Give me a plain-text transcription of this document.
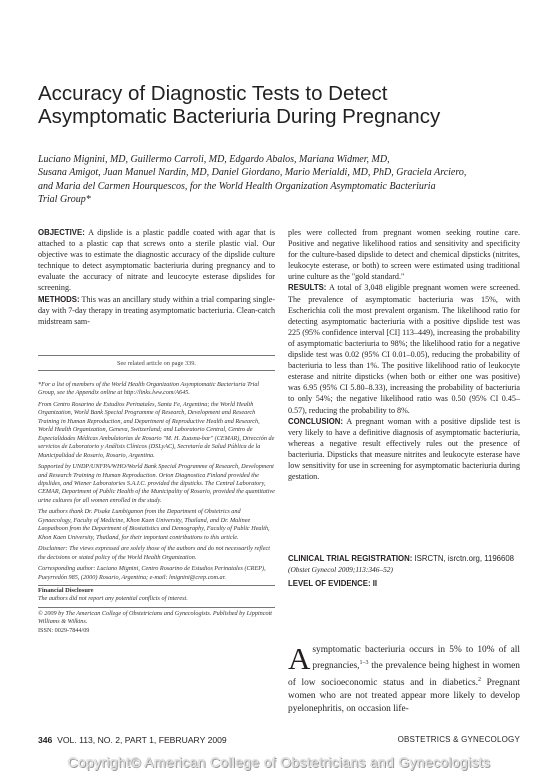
Accuracy of Diagnostic Tests to Detect
Asymptomatic Bacteriuria During Pregnancy
Luciano Mignini, MD, Guillermo Carroli, MD, Edgardo Abalos, Mariana Widmer, MD,
Susana Amigot, Juan Manuel Nardin, MD, Daniel Giordano, Mario Merialdi, MD, PhD, Graciela Arciero,
and Maria del Carmen Hourquescos, for the World Health Organization Asymptomatic Bacteriuria
Trial Group*

OBJECTIVE: A dipslide is a plastic paddle coated with agar that is attached to a plastic cap that screws onto a sterile plastic vial. Our objective was to estimate the diagnostic accuracy of the dipslide culture technique to detect asymptomatic bacteriuria during pregnancy and to evaluate the accuracy of nitrate and leucocyte esterase dipslides for screening.

METHODS: This was an ancillary study within a trial comparing single-day with 7-day therapy in treating asymptomatic bacteriuria. Clean-catch midstream sam-

See related article on page 339.

*For a list of members of the World Health Organization Asymptomatic Bacteriuria Trial Group, see the Appendix online at http://links.lww.com/A645.

From Centro Rosarino de Estudios Perinatales, Santa Fe, Argentina; the World Health Organization, World Bank Special Programme of Research, Development and Research Training in Human Reproduction, and Department of Reproductive Health and Research, World Health Organization, Geneva, Switzerland; and Laboratorio Central, Centro de Especialidades Médicas Ambulatorias de Rosario "M. H. Zuasna-bar" (CEMAR), Dirección de servicios de Laboratorio y Análisis Clínicos (DSLyAC), Secretaría de Salud Pública de la Municipalidad de Rosario, Rosario, Argentina.

Supported by UNDP/UNFPA/WHO/World Bank Special Programme of Research, Development and Research Training in Human Reproduction. Orion Diagnostica Finland provided the dipslides, and Wiener Laboratories S.A.I.C. provided the dipsticks. The Central Laboratory, CEMAR, Department of Public Health of the Municipality of Rosario, provided the quantitative urine cultures for all women enrolled in the study.

The authors thank Dr. Pisake Lumbiganon from the Department of Obstetrics and Gynaecology, Faculty of Medicine, Khon Kaen University, Thailand, and Dr. Malinee Laopaiboon from the Department of Biostatistics and Demography, Faculty of Public Health, Khon Kaen University, Thailand, for their important contributions to this article.

Disclaimer: The views expressed are solely those of the authors and do not necessarily reflect the decisions or stated policy of the World Health Organization.

Corresponding author: Luciano Mignini, Centro Rosarino de Estudios Perinatales (CREP), Pueyrredón 985, (2000) Rosario, Argentina; e-mail: lmignini@crep.com.ar.

Financial Disclosure

The authors did not report any potential conflicts of interest.

© 2009 by The American College of Obstetricians and Gynecologists. Published by Lippincott Williams & Wilkins.

ISSN: 0029-7844/09

ples were collected from pregnant women seeking routine care. Positive and negative likelihood ratios and sensitivity and specificity for the culture-based dipslide to detect and chemical dipsticks (nitrites, leukocyte esterase, or both) to screen were estimated using traditional urine culture as the "gold standard."

RESULTS: A total of 3,048 eligible pregnant women were screened. The prevalence of asymptomatic bacteriuria was 15%, with Escherichia coli the most prevalent organism. The likelihood ratio for detecting asymptomatic bacteriuria with a positive dipslide test was 225 (95% confidence interval [CI] 113–449), increasing the probability of asymptomatic bacteriuria to 98%; the likelihood ratio for a negative dipslide test was 0.02 (95% CI 0.01–0.05), reducing the probability of bacteriuria to less than 1%. The positive likelihood ratio of leukocyte esterase and nitrite dipsticks (when both or either one was positive) was 6.95 (95% CI 5.80–8.33), increasing the probability of bacteriuria to only 54%; the negative likelihood ratio was 0.50 (95% CI 0.45–0.57), reducing the probability to 8%.

CONCLUSION: A pregnant woman with a positive dipslide test is very likely to have a definitive diagnosis of asymptomatic bacteriuria, whereas a negative result effectively rules out the presence of bacteriuria. Dipsticks that measure nitrites and leukocyte esterase have low sensitivity for use in screening for asymptomatic bacteriuria during gestation.

CLINICAL TRIAL REGISTRATION: ISRCTN, isrctn.org, 1196608
(Obstet Gynecol 2009;113:346–52)
LEVEL OF EVIDENCE: II
Asymptomatic bacteriuria occurs in 5% to 10% of all pregnancies,$^{1-3}$ the prevalence being highest in women of low socioeconomic status and in diabetics.$^2$ Pregnant women who are not treated appear more likely to develop pyelonephritis, on occasion life-
346 VOL. 113, NO. 2, PART 1, FEBRUARY 2009	OBSTETRICS & GYNECOLOGY
Copyright© American College of Obstetricians and Gynecologists
